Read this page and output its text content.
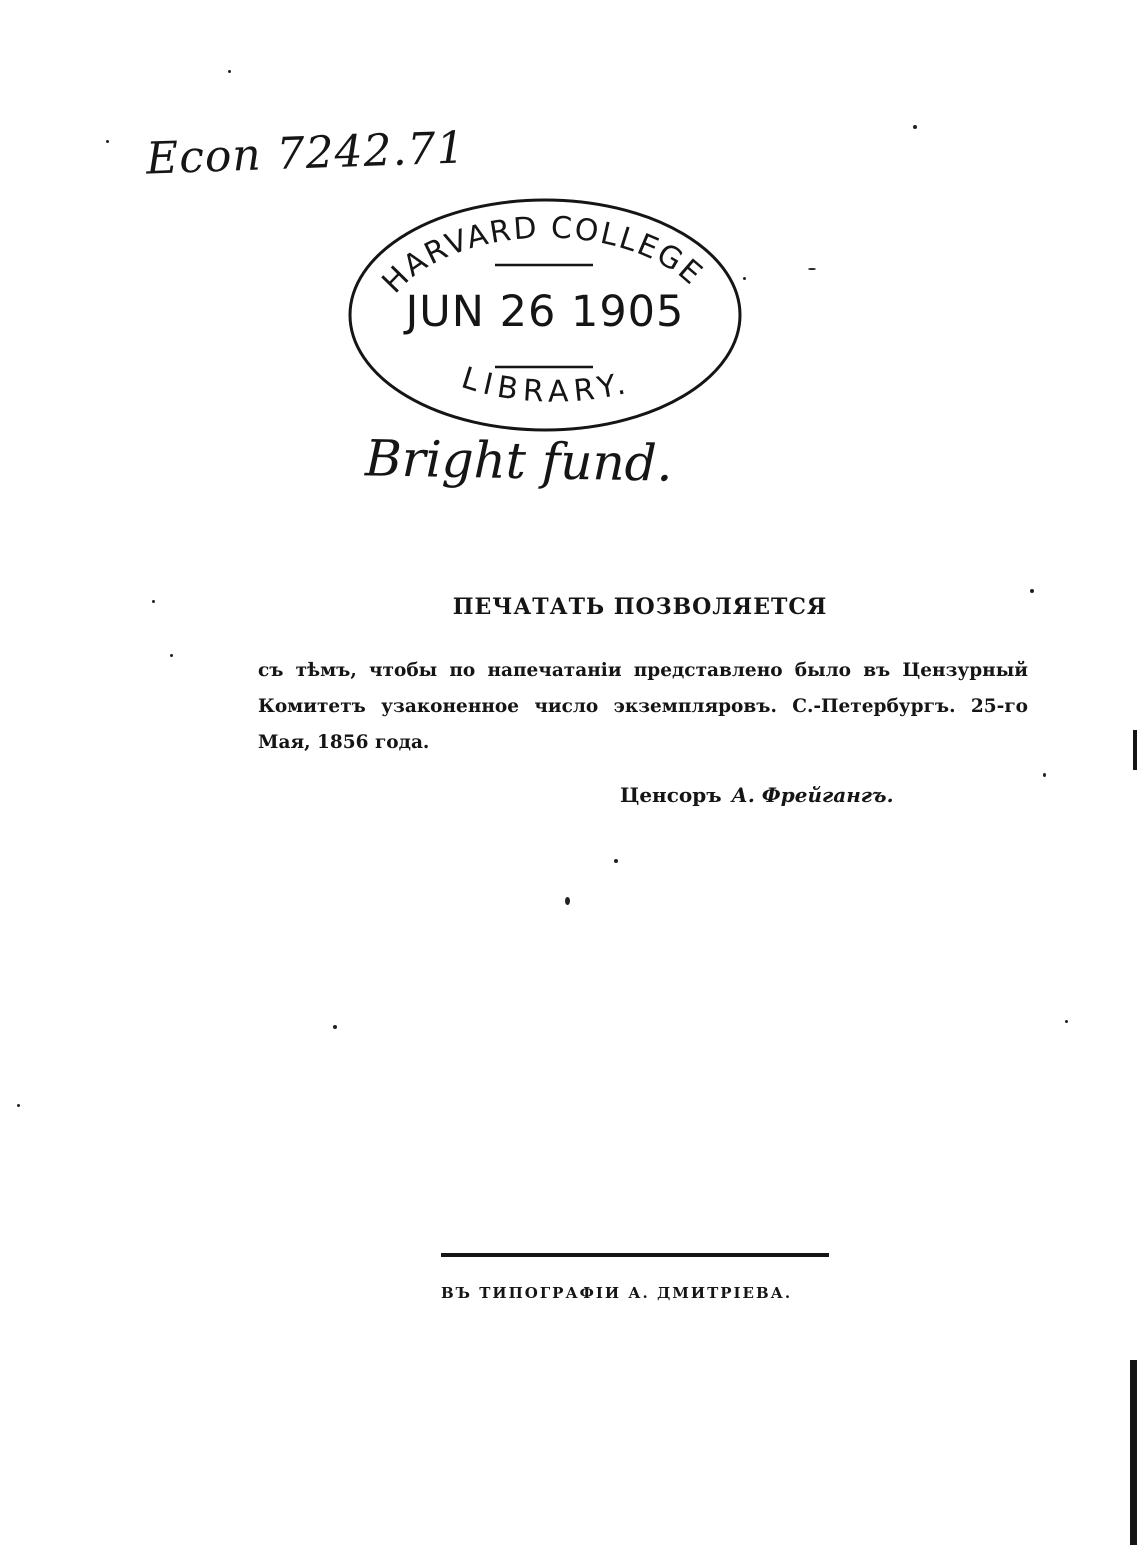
Econ 7242.71
HARVARD COLLEGE
LIBRARY.
JUN 26 1905
Bright fund.
ПЕЧАТАТЬ ПОЗВОЛЯЕТСЯ

съ тѣмъ, чтобы по напечатаніи представлено было въ Цензурный Комитетъ узаконенное число экземпляровъ. С.-Петербургъ. 25-го Мая, 1856 года.

Ценсоръ А. Фрейгангъ.
ВЪ ТИПОГРАФІИ А. ДМИТРІЕВА.
